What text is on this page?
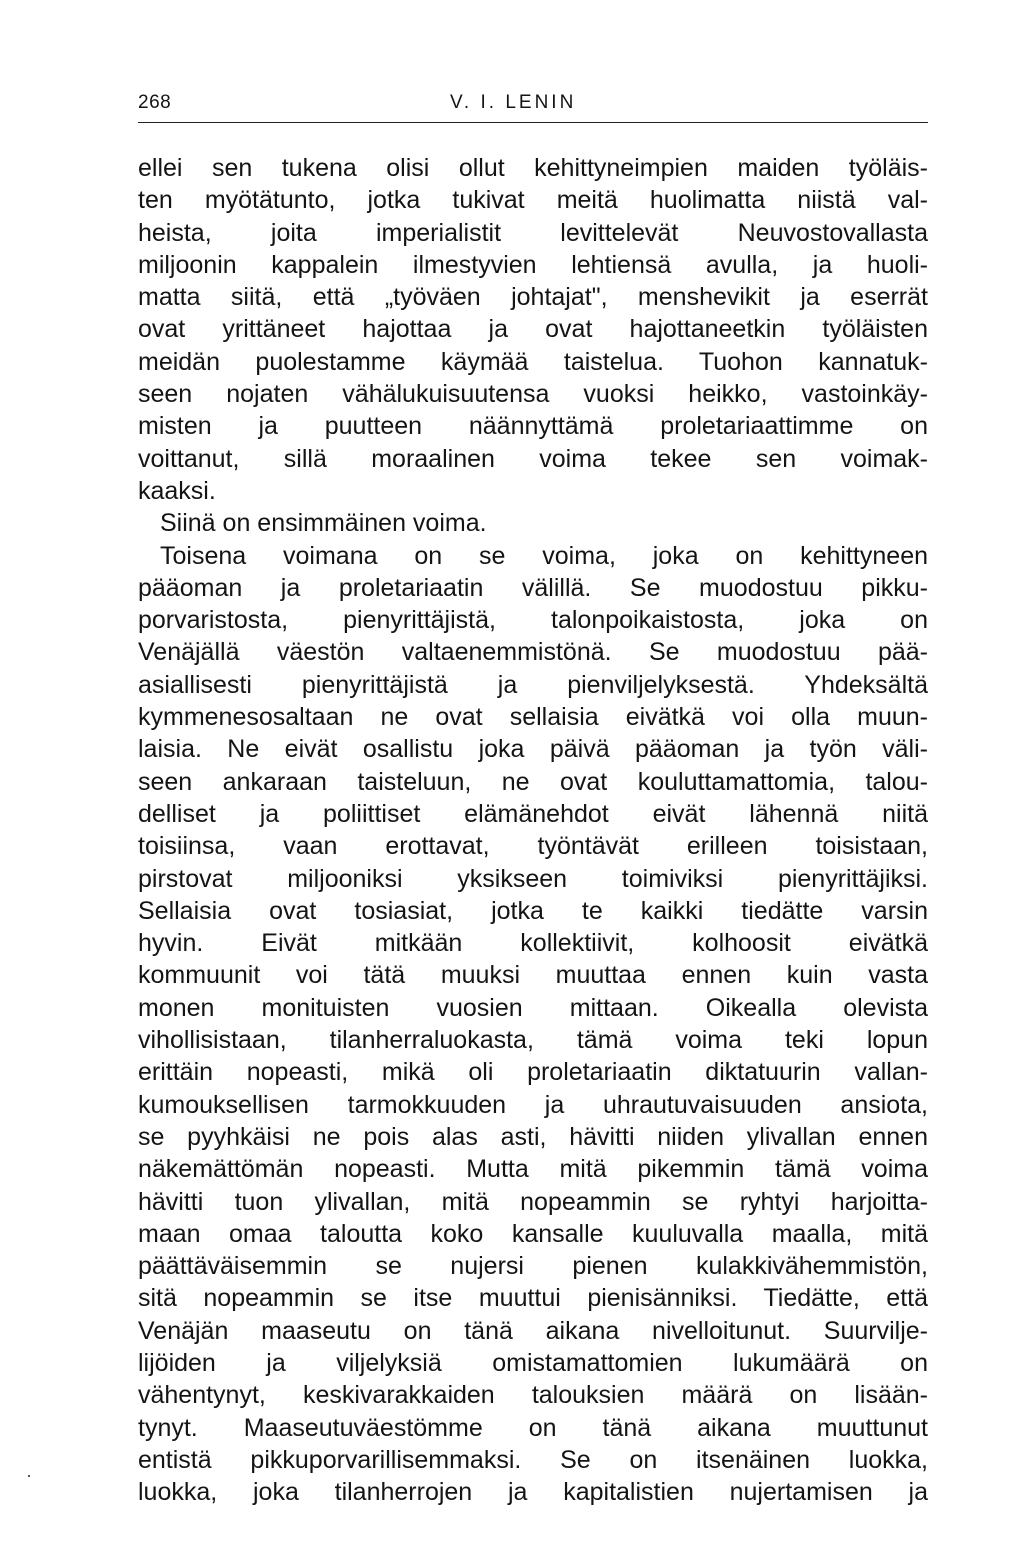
268	V. I. LENIN
ellei sen tukena olisi ollut kehittyneimpien maiden työläis-
ten myötätunto, jotka tukivat meitä huolimatta niistä val-
heista, joita imperialistit levittelevät Neuvostovallasta
miljoonin kappalein ilmestyvien lehtiensä avulla, ja huoli-
matta siitä, että „työväen johtajat", menshevikit ja eserrät
ovat yrittäneet hajottaa ja ovat hajottaneetkin työläisten
meidän puolestamme käymää taistelua. Tuohon kannatuk-
seen nojaten vähälukuisuutensa vuoksi heikko, vastoinkäy-
misten ja puutteen näännyttämä proletariaattimme on
voittanut, sillä moraalinen voima tekee sen voimak-
kaaksi.
Siinä on ensimmäinen voima.
Toisena voimana on se voima, joka on kehittyneen
pääoman ja proletariaatin välillä. Se muodostuu pikku-
porvaristosta, pienyrittäjistä, talonpoikaistosta, joka on
Venäjällä väestön valtaenemmistönä. Se muodostuu pää-
asiallisesti pienyrittäjistä ja pienviljelyksestä. Yhdeksältä
kymmenesosaltaan ne ovat sellaisia eivätkä voi olla muun-
laisia. Ne eivät osallistu joka päivä pääoman ja työn väli-
seen ankaraan taisteluun, ne ovat kouluttamattomia, talou-
delliset ja poliittiset elämänehdot eivät lähennä niitä
toisiinsa, vaan erottavat, työntävät erilleen toisistaan,
pirstovat miljooniksi yksikseen toimiviksi pienyrittäjiksi.
Sellaisia ovat tosiasiat, jotka te kaikki tiedätte varsin
hyvin. Eivät mitkään kollektiivit, kolhoosit eivätkä
kommuunit voi tätä muuksi muuttaa ennen kuin vasta
monen monituisten vuosien mittaan. Oikealla olevista
vihollisistaan, tilanherraluokasta, tämä voima teki lopun
erittäin nopeasti, mikä oli proletariaatin diktatuurin vallan-
kumouksellisen tarmokkuuden ja uhrautuvaisuuden ansiota,
se pyyhkäisi ne pois alas asti, hävitti niiden ylivallan ennen
näkemättömän nopeasti. Mutta mitä pikemmin tämä voima
hävitti tuon ylivallan, mitä nopeammin se ryhtyi harjoitta-
maan omaa taloutta koko kansalle kuuluvalla maalla, mitä
päättäväisemmin se nujersi pienen kulakkivähemmistön,
sitä nopeammin se itse muuttui pienisänniksi. Tiedätte, että
Venäjän maaseutu on tänä aikana nivelloitunut. Suurvilje-
lijöiden ja viljelyksiä omistamattomien lukumäärä on
vähentynyt, keskivarakkaiden talouksien määrä on lisään-
tynyt. Maaseutuväestömme on tänä aikana muuttunut
entistä pikkuporvarillisemmaksi. Se on itsenäinen luokka,
luokka, joka tilanherrojen ja kapitalistien nujertamisen ja
